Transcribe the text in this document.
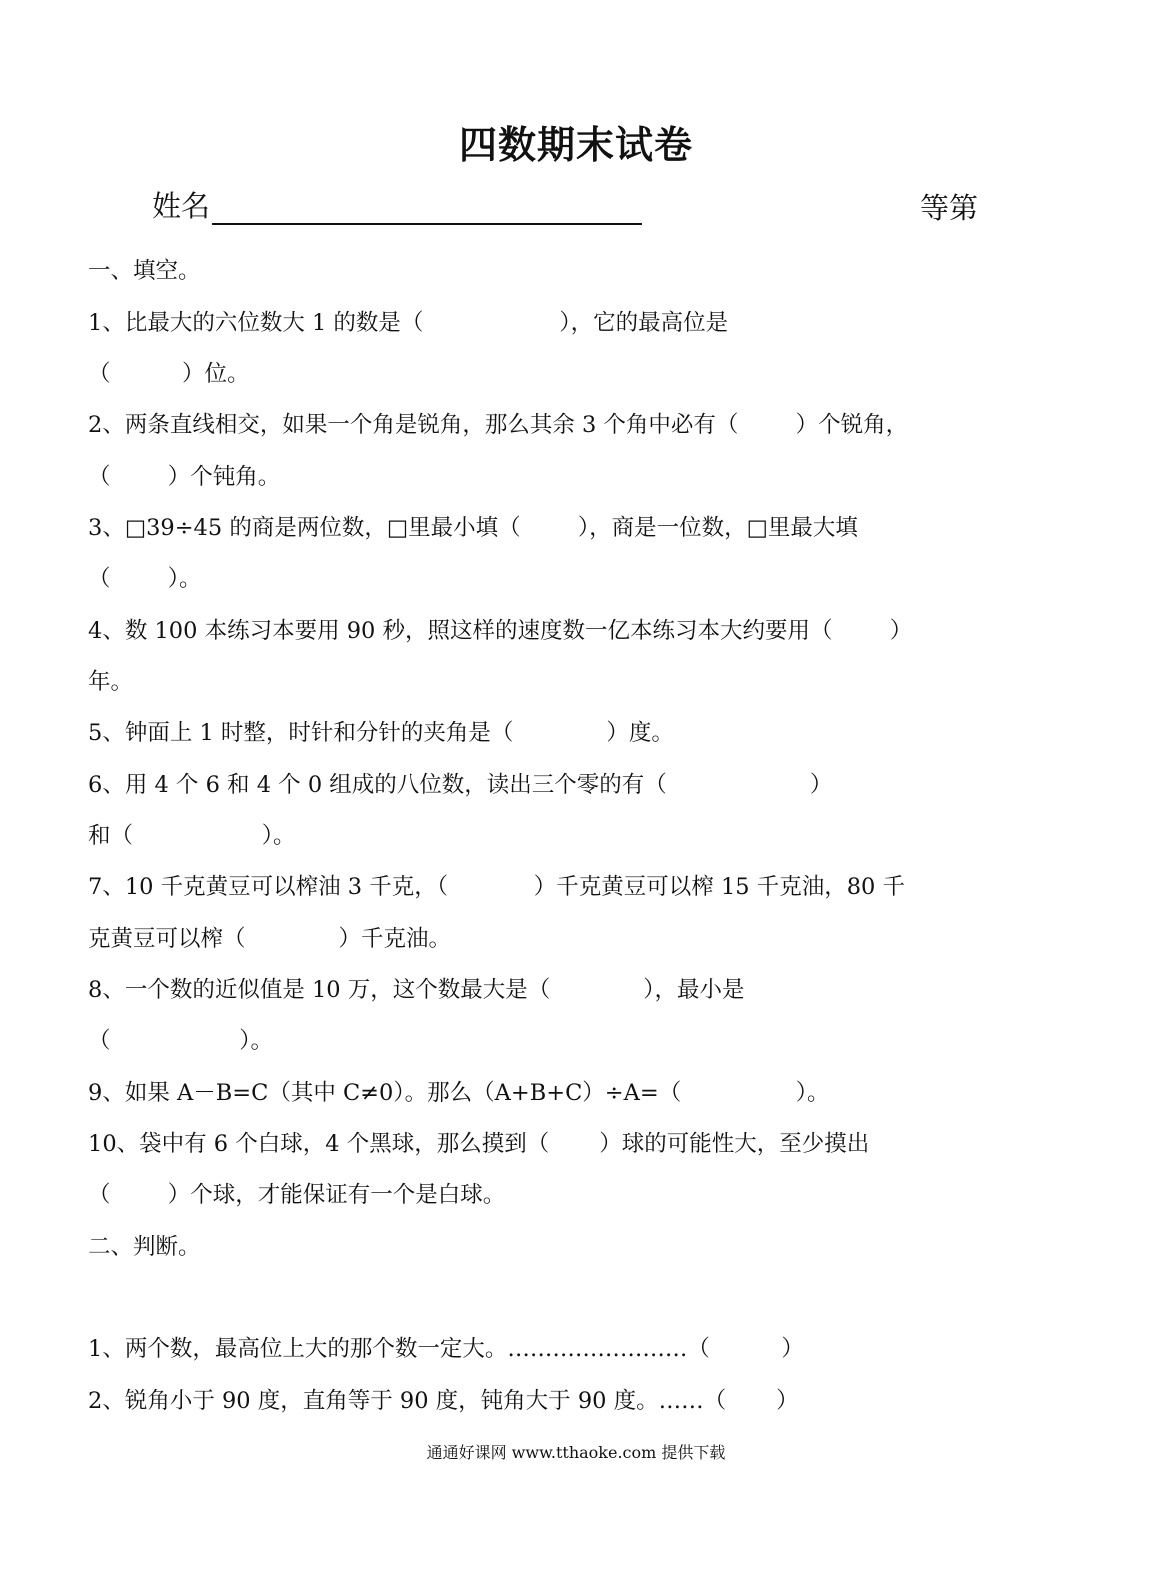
四数期末试卷
姓名	等第
一、填空。
1、比最大的六位数大 1 的数是（                   ），它的最高位是
（          ）位。
2、两条直线相交，如果一个角是锐角，那么其余 3 个角中必有（        ）个锐角，
（        ）个钝角。
3、□39÷45 的商是两位数，□里最小填（        ），商是一位数，□里最大填
（        ）。
4、数 100 本练习本要用 90 秒，照这样的速度数一亿本练习本大约要用（        ）
年。
5、钟面上 1 时整，时针和分针的夹角是（             ）度。
6、用 4 个 6 和 4 个 0 组成的八位数，读出三个零的有（                    ）
和（                  ）。
7、10 千克黄豆可以榨油 3 千克，（            ）千克黄豆可以榨 15 千克油，80 千
克黄豆可以榨（             ）千克油。
8、一个数的近似值是 10 万，这个数最大是（             ），最小是
（                  ）。
9、如果 A－B=C（其中 C≠0）。那么（A+B+C）÷A=（                ）。
10、袋中有 6 个白球，4 个黑球，那么摸到（       ）球的可能性大，至少摸出
（        ）个球，才能保证有一个是白球。
二、判断。
1、两个数，最高位上大的那个数一定大。……………………（          ）
2、锐角小于 90 度，直角等于 90 度，钝角大于 90 度。……（       ）
通通好课网 www.tthaoke.com 提供下载
